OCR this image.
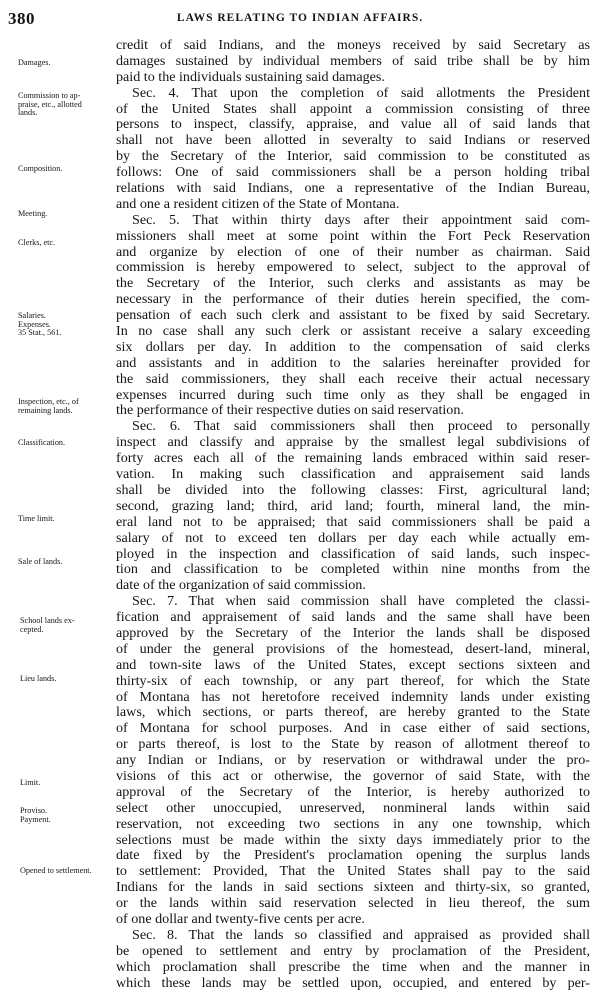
380	LAWS RELATING TO INDIAN AFFAIRS.
Damages.
Commission to ap-
praise, etc., allotted
lands.
Composition.
Meeting.
Clerks, etc.
Salaries.
Expenses.
35 Stat., 561.
Inspection, etc., of
remaining lands.
Classification.
Time limit.
Sale of lands.
School lands ex-
cepted.
Lieu lands.
Limit.
Proviso.
Payment.
Opened to settlement.
credit of said Indians, and the moneys received by said Secretary as
damages sustained by individual members of said tribe shall be by him
paid to the individuals sustaining said damages.
Sec. 4. That upon the completion of said allotments the President
of the United States shall appoint a commission consisting of three
persons to inspect, classify, appraise, and value all of said lands that
shall not have been allotted in severalty to said Indians or reserved
by the Secretary of the Interior, said commission to be constituted as
follows: One of said commissioners shall be a person holding tribal
relations with said Indians, one a representative of the Indian Bureau,
and one a resident citizen of the State of Montana.
Sec. 5. That within thirty days after their appointment said com-
missioners shall meet at some point within the Fort Peck Reservation
and organize by election of one of their number as chairman. Said
commission is hereby empowered to select, subject to the approval of
the Secretary of the Interior, such clerks and assistants as may be
necessary in the performance of their duties herein specified, the com-
pensation of each such clerk and assistant to be fixed by said Secretary.
In no case shall any such clerk or assistant receive a salary exceeding
six dollars per day. In addition to the compensation of said clerks
and assistants and in addition to the salaries hereinafter provided for
the said commissioners, they shall each receive their actual necessary
expenses incurred during such time only as they shall be engaged in
the performance of their respective duties on said reservation.
Sec. 6. That said commissioners shall then proceed to personally
inspect and classify and appraise by the smallest legal subdivisions of
forty acres each all of the remaining lands embraced within said reser-
vation. In making such classification and appraisement said lands
shall be divided into the following classes: First, agricultural land;
second, grazing land; third, arid land; fourth, mineral land, the min-
eral land not to be appraised; that said commissioners shall be paid a
salary of not to exceed ten dollars per day each while actually em-
ployed in the inspection and classification of said lands, such inspec-
tion and classification to be completed within nine months from the
date of the organization of said commission.
Sec. 7. That when said commission shall have completed the classi-
fication and appraisement of said lands and the same shall have been
approved by the Secretary of the Interior the lands shall be disposed
of under the general provisions of the homestead, desert-land, mineral,
and town-site laws of the United States, except sections sixteen and
thirty-six of each township, or any part thereof, for which the State
of Montana has not heretofore received indemnity lands under existing
laws, which sections, or parts thereof, are hereby granted to the State
of Montana for school purposes. And in case either of said sections,
or parts thereof, is lost to the State by reason of allotment thereof to
any Indian or Indians, or by reservation or withdrawal under the pro-
visions of this act or otherwise, the governor of said State, with the
approval of the Secretary of the Interior, is hereby authorized to
select other unoccupied, unreserved, nonmineral lands within said
reservation, not exceeding two sections in any one township, which
selections must be made within the sixty days immediately prior to the
date fixed by the President's proclamation opening the surplus lands
to settlement: Provided, That the United States shall pay to the said
Indians for the lands in said sections sixteen and thirty-six, so granted,
or the lands within said reservation selected in lieu thereof, the sum
of one dollar and twenty-five cents per acre.
Sec. 8. That the lands so classified and appraised as provided shall
be opened to settlement and entry by proclamation of the President,
which proclamation shall prescribe the time when and the manner in
which these lands may be settled upon, occupied, and entered by per-
